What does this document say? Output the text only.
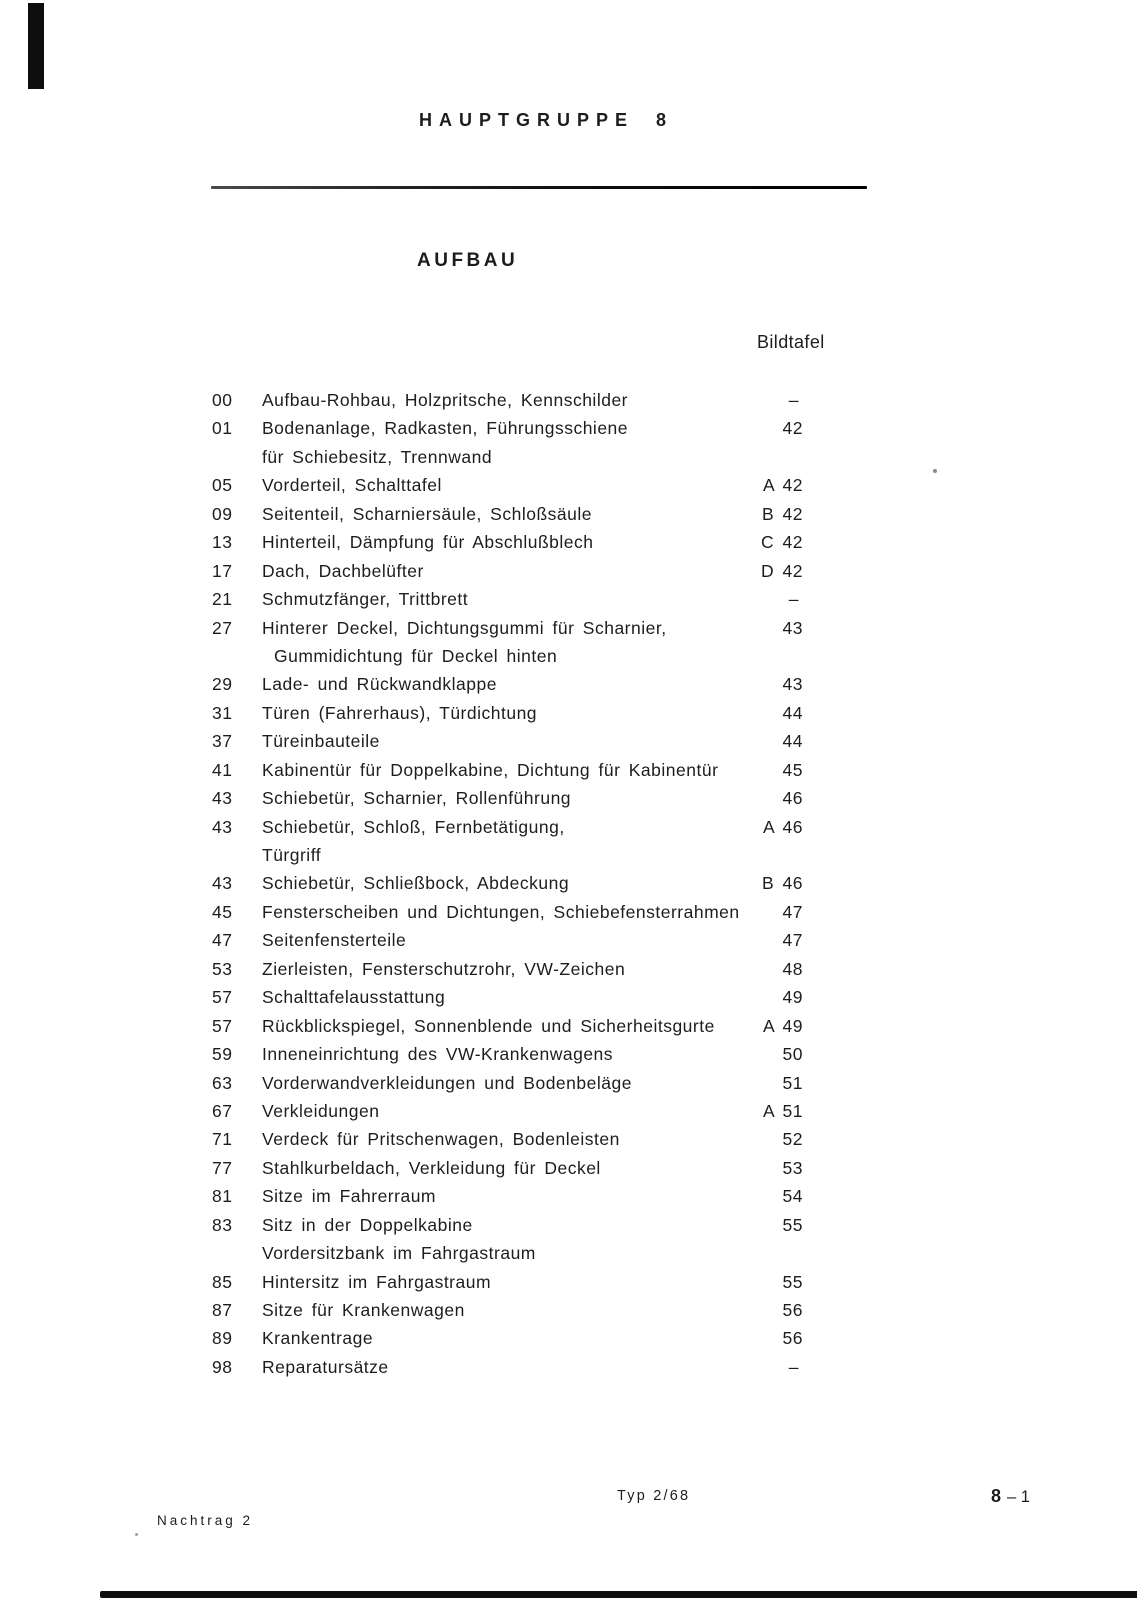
HAUPTGRUPPE 8
AUFBAU
Bildtafel
00 Aufbau-Rohbau, Holzpritsche, Kennschilder	–
01 Bodenanlage, Radkasten, Führungsschiene	42
für Schiebesitz, Trennwand
05 Vorderteil, Schalttafel	A 42
09 Seitenteil, Scharniersäule, Schloßsäule	B 42
13 Hinterteil, Dämpfung für Abschlußblech	C 42
17 Dach, Dachbelüfter	D 42
21 Schmutzfänger, Trittbrett	–
27 Hinterer Deckel, Dichtungsgummi für Scharnier,	43
Gummidichtung für Deckel hinten
29 Lade- und Rückwandklappe	43
31 Türen (Fahrerhaus), Türdichtung	44
37 Türeinbauteile	44
41 Kabinentür für Doppelkabine, Dichtung für Kabinentür	45
43 Schiebetür, Scharnier, Rollenführung	46
43 Schiebetür, Schloß, Fernbetätigung,	A 46
Türgriff
43 Schiebetür, Schließbock, Abdeckung	B 46
45 Fensterscheiben und Dichtungen, Schiebefensterrahmen 47
47 Seitenfensterteile	47
53 Zierleisten, Fensterschutzrohr, VW-Zeichen	48
57 Schalttafelausstattung	49
57 Rückblickspiegel, Sonnenblende und Sicherheitsgurte	A 49
59 Inneneinrichtung des VW-Krankenwagens	50
63 Vorderwandverkleidungen und Bodenbeläge	51
67 Verkleidungen	A 51
71 Verdeck für Pritschenwagen, Bodenleisten	52
77 Stahlkurbeldach, Verkleidung für Deckel	53
81 Sitze im Fahrerraum	54
83 Sitz in der Doppelkabine	55
Vordersitzbank im Fahrgastraum
85 Hintersitz im Fahrgastraum	55
87 Sitze für Krankenwagen	56
89 Krankentrage	56
98 Reparatursätze	–
Typ 2/68	8 – 1
Nachtrag 2
